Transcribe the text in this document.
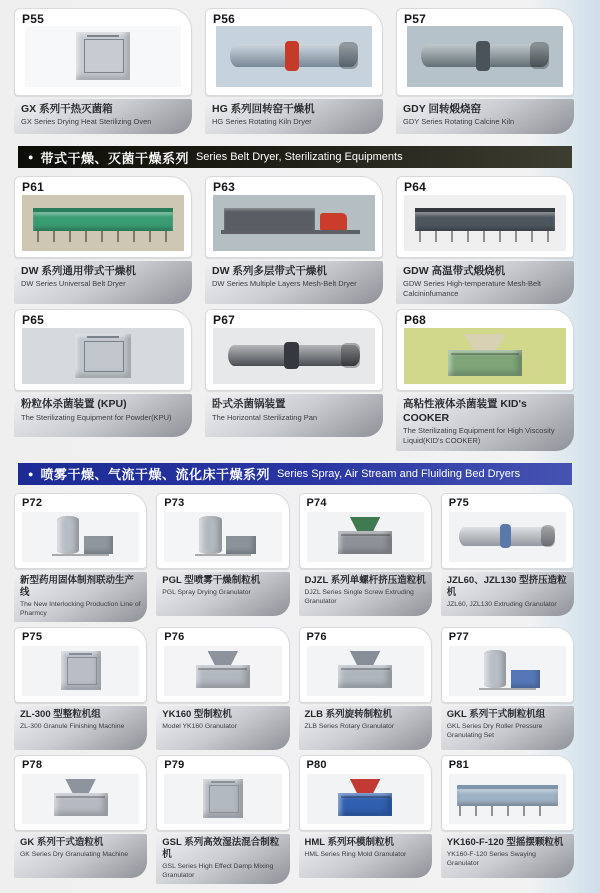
P55
GX 系列干热灭菌箱
GX Series Drying Heat Sterilizing Oven
P56
HG 系列回转窑干燥机
HG Series Rotating Kiln Dryer
P57
GDY 回转煅烧窑
GDY Series Rotating Calcine Kiln
● 带式干燥、灭菌干燥系列 Series Belt Dryer, Sterilizating Equipments
P61
DW 系列通用带式干燥机
DW Series Universal Belt Dryer
P63
DW 系列多层带式干燥机
DW Series Multiple Layers Mesh-Belt Dryer
P64
GDW 高温带式煅烧机
GDW Series High-temperature Mesh-Belt Calcininfumance
P65
粉粒体杀菌装置 (KPU)
The Sterilizating Equipment for Powder(KPU)
P67
卧式杀菌锅装置
The Horizontal Sterilizating Pan
P68
高粘性液体杀菌装置 KID's COOKER
The Sterilizating Equipment for High Viscosity Liquid(KID's COOKER)
● 喷雾干燥、气流干燥、流化床干燥系列 Series Spray, Air Stream and Fluilding Bed Dryers
P72
新型药用固体制剂联动生产线
The New Interlocking Production Line of Pharmcy
P73
PGL 型喷雾干燥制粒机
PGL Spray Drying Granulator
P74
DJZL 系列单螺杆挤压造粒机
DJZL Series Single Screw Extruding Granulator
P75
JZL60、JZL130 型挤压造粒机
JZL60, JZL130 Extruding Granulator
P75
ZL-300 型整粒机组
ZL-300 Granule Finishing Machine
P76
YK160 型制粒机
Model YK160 Granulator
P76
ZLB 系列旋转制粒机
ZLB Series Rotary Granulator
P77
GKL 系列干式制粒机组
GKL Series Dry Roller Pressure Granulating Set
P78
GK 系列干式造粒机
GK Series Dry Granulating Machine
P79
GSL 系列高效湿法混合制粒机
GSL Series High Effect Damp Mixing Granulator
P80
HML 系列环模制粒机
HML Series Ring Mold Granulator
P81
YK160-F-120 型摇摆颗粒机
YK160-F-120 Series Swaying Granulator
